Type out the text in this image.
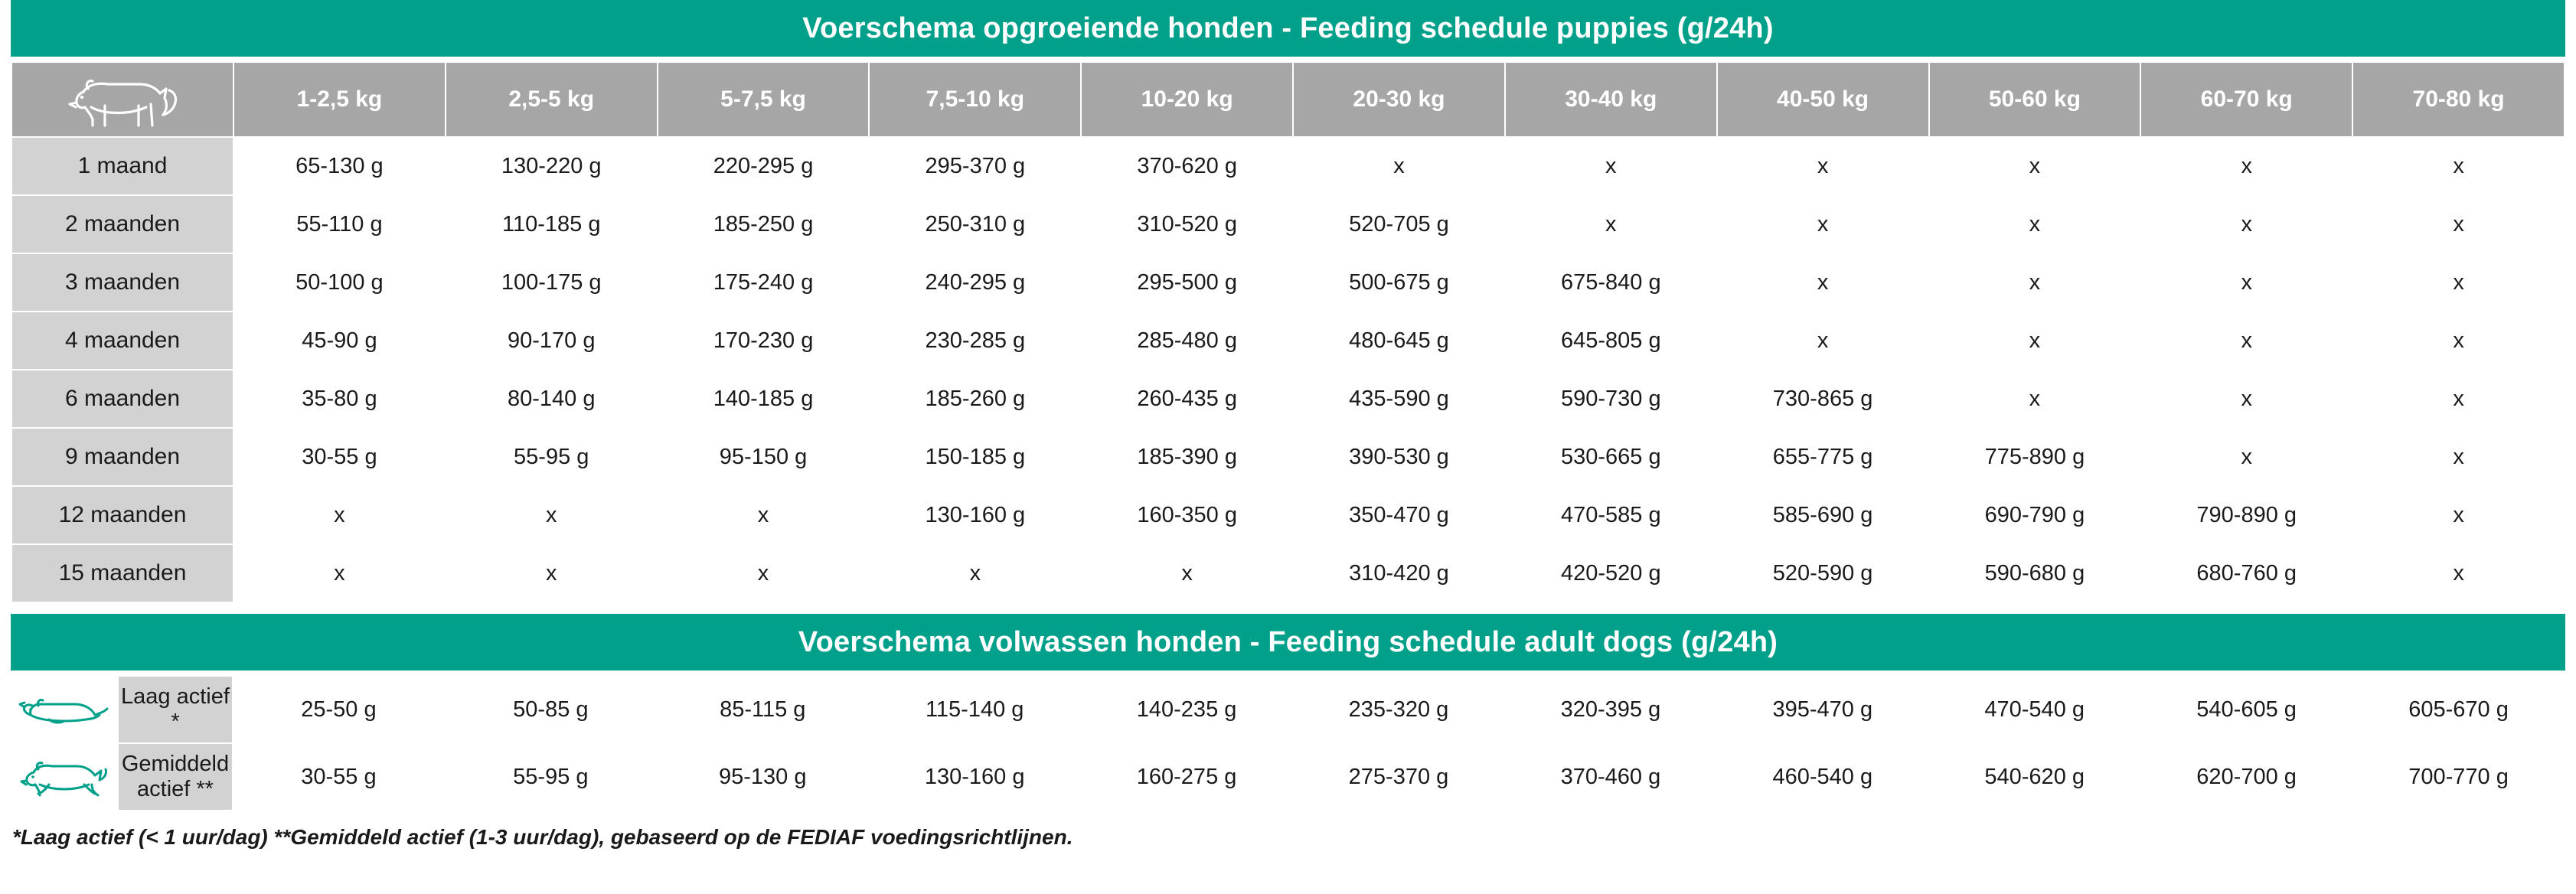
Voerschema opgroeiende honden - Feeding schedule puppies (g/24h)
	1-2,5 kg	2,5-5 kg	5-7,5 kg	7,5-10 kg	10-20 kg	20-30 kg	30-40 kg	40-50 kg	50-60 kg	60-70 kg	70-80 kg
1 maand	65-130 g	130-220 g	220-295 g	295-370 g	370-620 g	x	x	x	x	x	x
2 maanden	55-110 g	110-185 g	185-250 g	250-310 g	310-520 g	520-705 g	x	x	x	x	x
3 maanden	50-100 g	100-175 g	175-240 g	240-295 g	295-500 g	500-675 g	675-840 g	x	x	x	x
4 maanden	45-90 g	90-170 g	170-230 g	230-285 g	285-480 g	480-645 g	645-805 g	x	x	x	x
6 maanden	35-80 g	80-140 g	140-185 g	185-260 g	260-435 g	435-590 g	590-730 g	730-865 g	x	x	x
9 maanden	30-55 g	55-95 g	95-150 g	150-185 g	185-390 g	390-530 g	530-665 g	655-775 g	775-890 g	x	x
12 maanden	x	x	x	130-160 g	160-350 g	350-470 g	470-585 g	585-690 g	690-790 g	790-890 g	x
15 maanden	x	x	x	x	x	310-420 g	420-520 g	520-590 g	590-680 g	680-760 g	x
Voerschema volwassen honden - Feeding schedule adult dogs (g/24h)
	Laag actief *	25-50 g	50-85 g	85-115 g	115-140 g	140-235 g	235-320 g	320-395 g	395-470 g	470-540 g	540-605 g	605-670 g

	Gemiddeld actief **	30-55 g	55-95 g	95-130 g	130-160 g	160-275 g	275-370 g	370-460 g	460-540 g	540-620 g	620-700 g	700-770 g
*Laag actief (< 1 uur/dag) **Gemiddeld actief (1-3 uur/dag), gebaseerd op de FEDIAF voedingsrichtlijnen.
